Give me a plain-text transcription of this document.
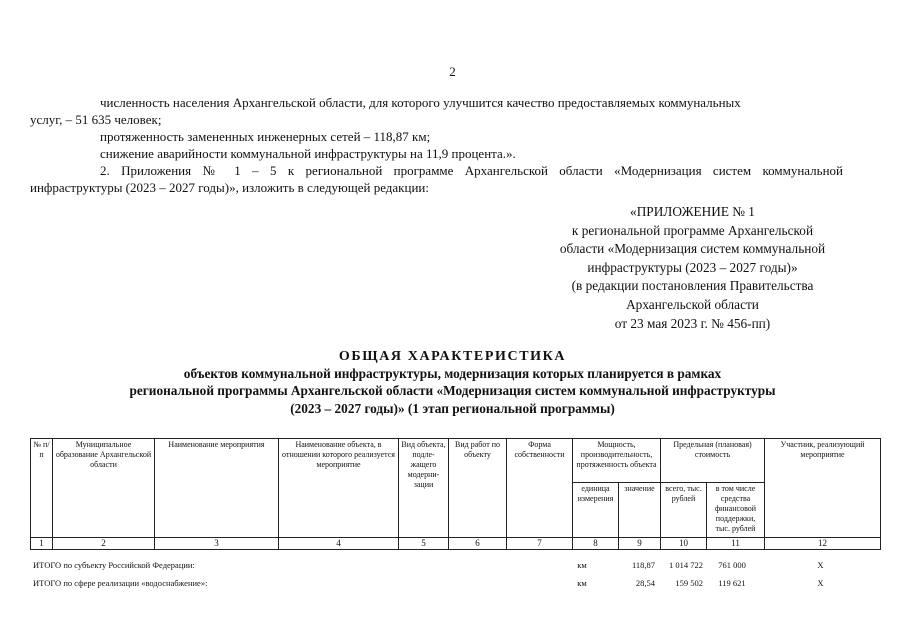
2
численность населения Архангельской области, для которого улучшится качество предоставляемых коммунальных
услуг, – 51 635 человек;
протяженность замененных инженерных сетей – 118,87 км;
снижение аварийности коммунальной инфраструктуры на 11,9 процента.».
2. Приложения № 1 – 5 к региональной программе Архангельской области «Модернизация систем коммунальной
инфраструктуры (2023 – 2027 годы)», изложить в следующей редакции:
«ПРИЛОЖЕНИЕ № 1
к региональной программе Архангельской
области «Модернизация систем коммунальной
инфраструктуры (2023 – 2027 годы)»
(в редакции постановления Правительства
Архангельской области
от 23 мая 2023 г. № 456-пп)
ОБЩАЯ ХАРАКТЕРИСТИКА
объектов коммунальной инфраструктуры, модернизация которых планируется в рамках
региональной программы Архангельской области «Модернизация систем коммунальной инфраструктуры
(2023 – 2027 годы)» (1 этап региональной программы)
№ п/п	Муниципальное образование Архангельской области	Наименование мероприятия	Наименование объекта, в отношении которого реализуется мероприятие	Вид объекта, подле-жащего модерни-зации	Вид работ по объекту	Форма собственности	Мощность, производительность, протяженность объекта		Предельная (плановая) стоимость		Участник, реализующий мероприятие
							единица измерения	значение	всего, тыс. рублей	в том числе средства финансовой поддержки, тыс. рублей	
1	2	3	4	5	6	7	8	9	10	11	12
ИТОГО по субъекту Российской Федерации:	км	118,87	1 014 722	761 000	Х
ИТОГО по сфере реализации «водоснабжение»:	км	28,54	159 502	119 621	Х
